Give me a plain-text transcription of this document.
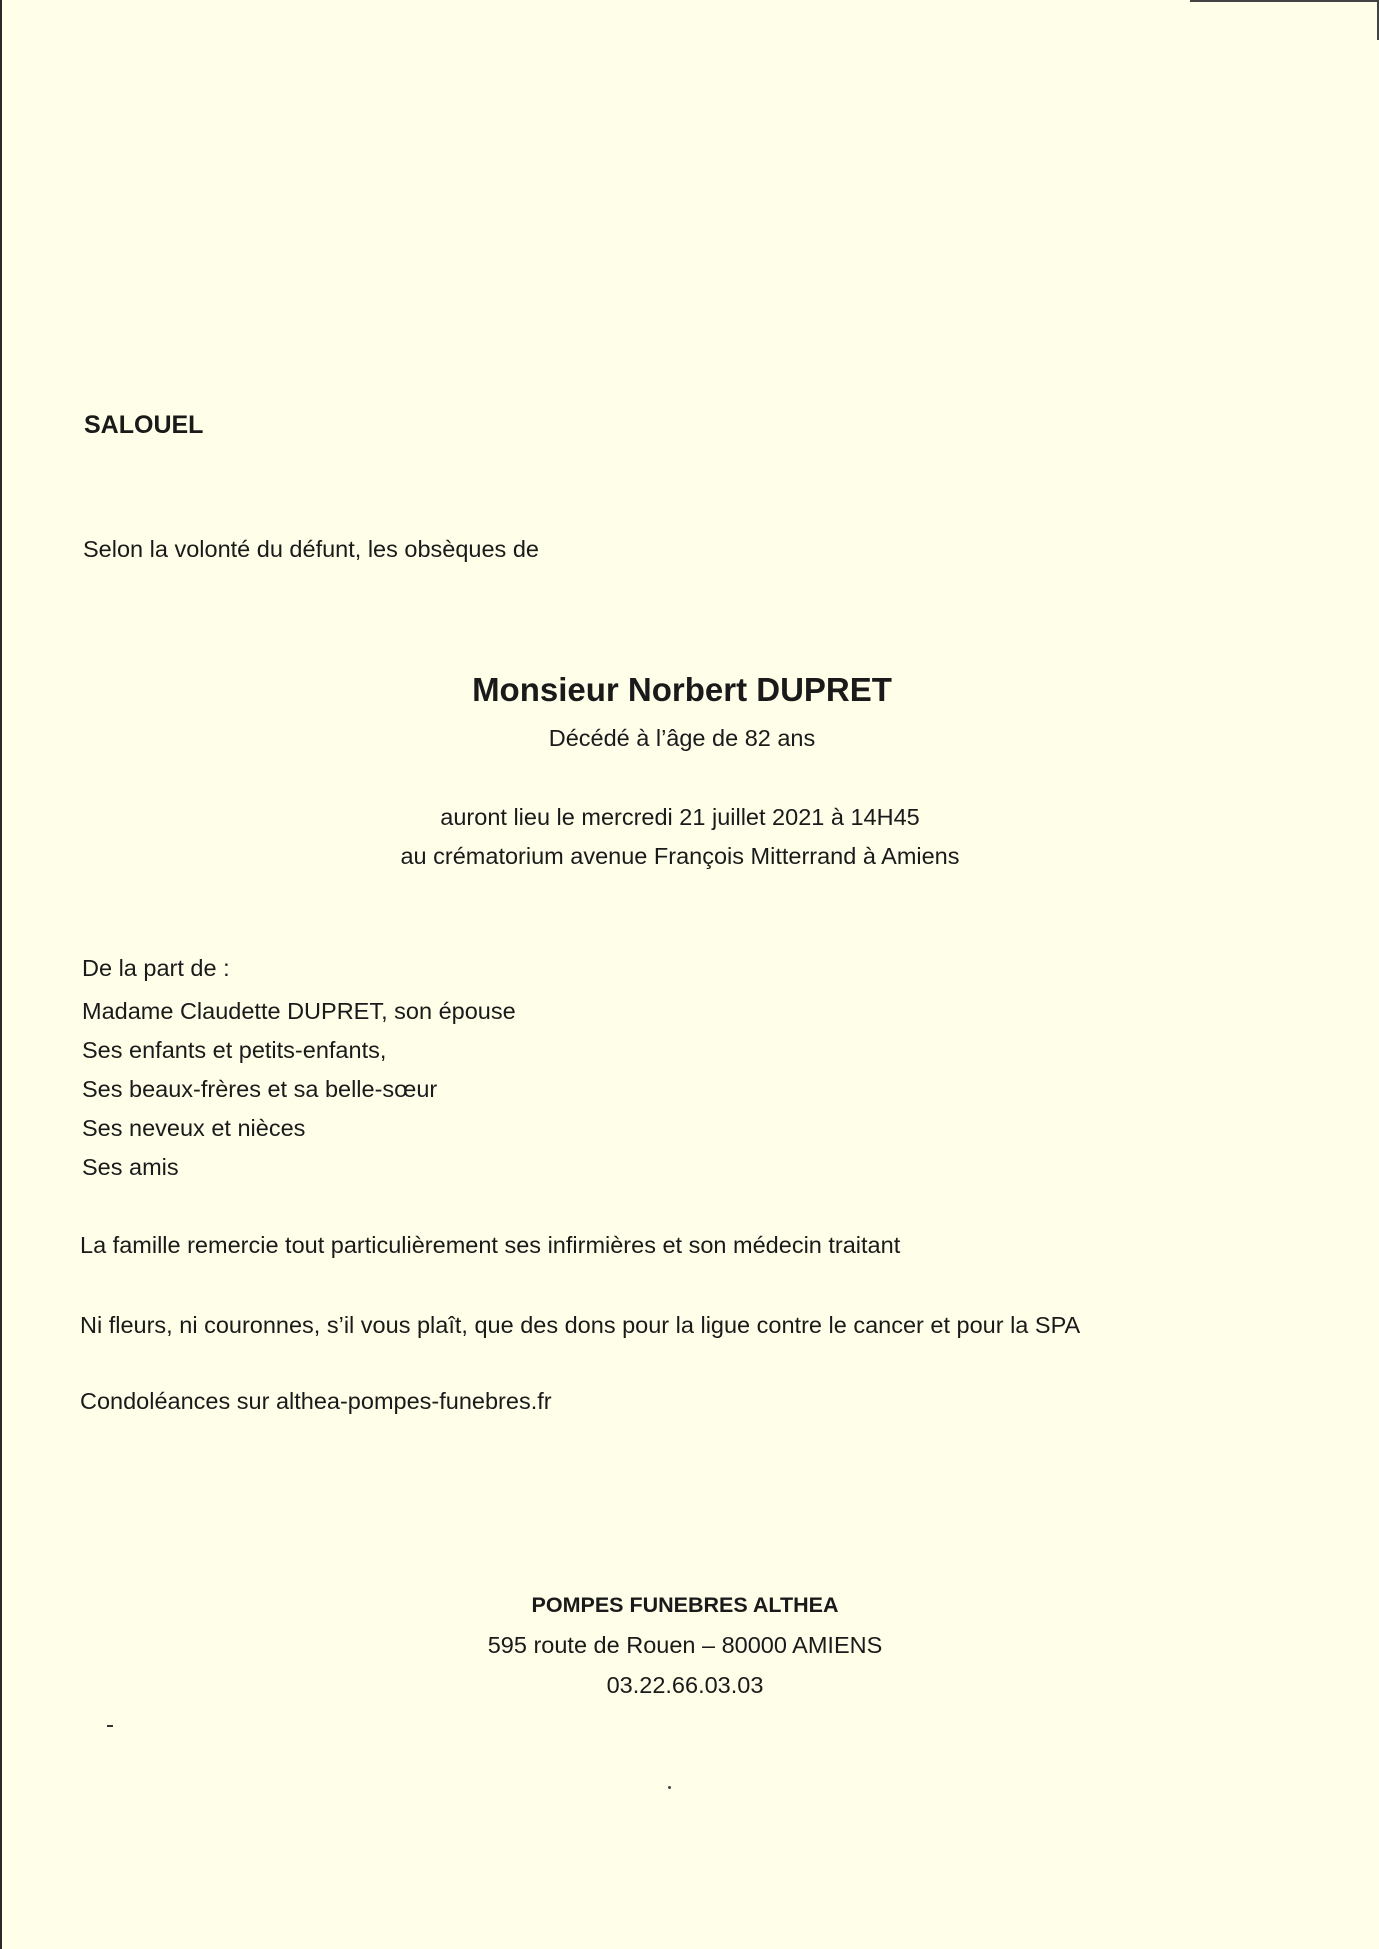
SALOUEL
Selon la volonté du défunt, les obsèques de
Monsieur Norbert DUPRET
Décédé à l’âge de 82 ans
auront lieu le mercredi 21 juillet 2021 à 14H45
au crématorium avenue François Mitterrand à Amiens
De la part de :
Madame Claudette DUPRET, son épouse
Ses enfants et petits-enfants,
Ses beaux-frères et sa belle-sœur
Ses neveux et nièces
Ses amis
La famille remercie tout particulièrement ses infirmières et son médecin traitant
Ni fleurs, ni couronnes, s’il vous plaît, que des dons pour la ligue contre le cancer et pour la SPA
Condoléances sur althea-pompes-funebres.fr
POMPES FUNEBRES ALTHEA
595 route de Rouen – 80000 AMIENS
03.22.66.03.03
